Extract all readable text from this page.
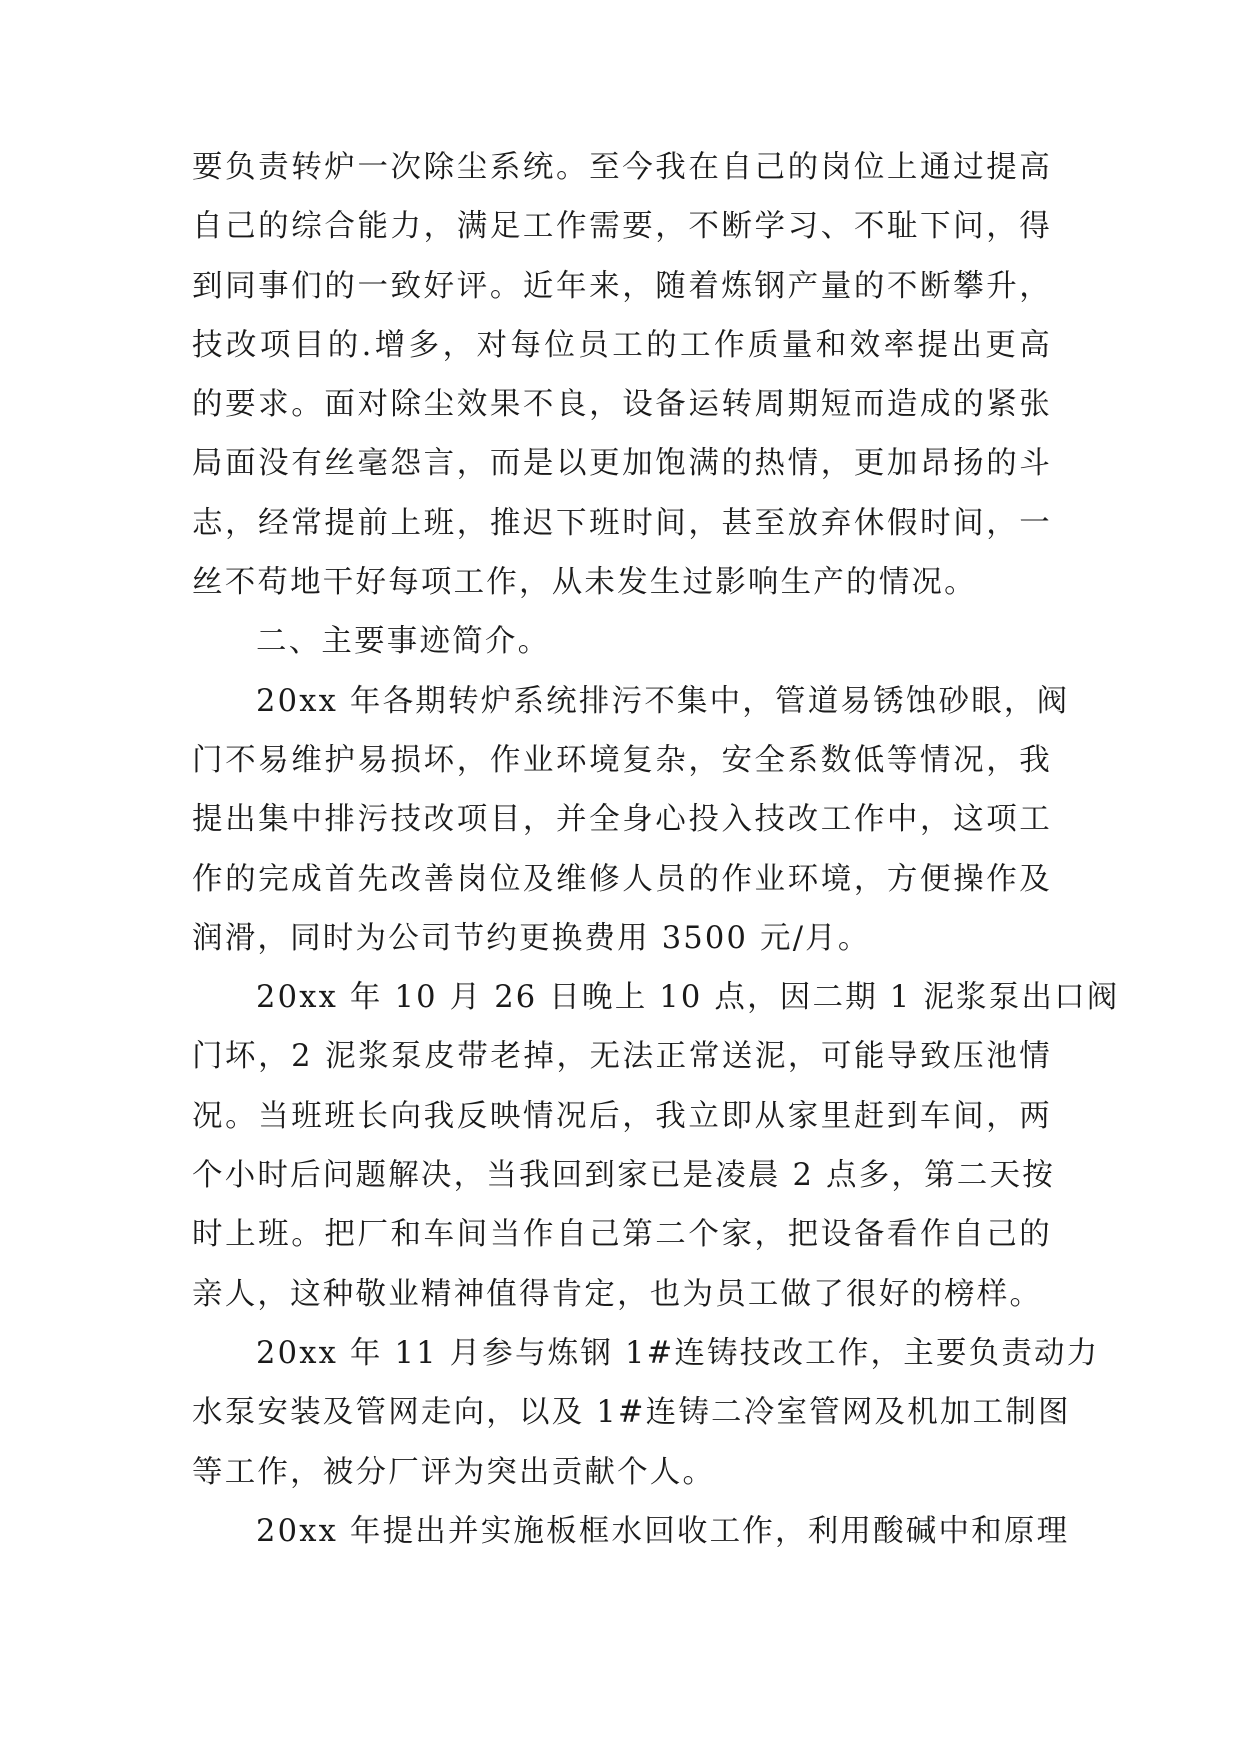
要负责转炉一次除尘系统。至今我在自己的岗位上通过提高
自己的综合能力，满足工作需要，不断学习、不耻下问，得
到同事们的一致好评。近年来，随着炼钢产量的不断攀升，
技改项目的.增多，对每位员工的工作质量和效率提出更高
的要求。面对除尘效果不良，设备运转周期短而造成的紧张
局面没有丝毫怨言，而是以更加饱满的热情，更加昂扬的斗
志，经常提前上班，推迟下班时间，甚至放弃休假时间，一
丝不苟地干好每项工作，从未发生过影响生产的情况。
二、主要事迹简介。
20xx 年各期转炉系统排污不集中，管道易锈蚀砂眼，阀
门不易维护易损坏，作业环境复杂，安全系数低等情况，我
提出集中排污技改项目，并全身心投入技改工作中，这项工
作的完成首先改善岗位及维修人员的作业环境，方便操作及
润滑，同时为公司节约更换费用 3500 元/月。
20xx 年 10 月 26 日晚上 10 点，因二期 1 泥浆泵出口阀
门坏，2 泥浆泵皮带老掉，无法正常送泥，可能导致压池情
况。当班班长向我反映情况后，我立即从家里赶到车间，两
个小时后问题解决，当我回到家已是凌晨 2 点多，第二天按
时上班。把厂和车间当作自己第二个家，把设备看作自己的
亲人，这种敬业精神值得肯定，也为员工做了很好的榜样。
20xx 年 11 月参与炼钢 1#连铸技改工作，主要负责动力
水泵安装及管网走向，以及 1#连铸二冷室管网及机加工制图
等工作，被分厂评为突出贡献个人。
20xx 年提出并实施板框水回收工作，利用酸碱中和原理
